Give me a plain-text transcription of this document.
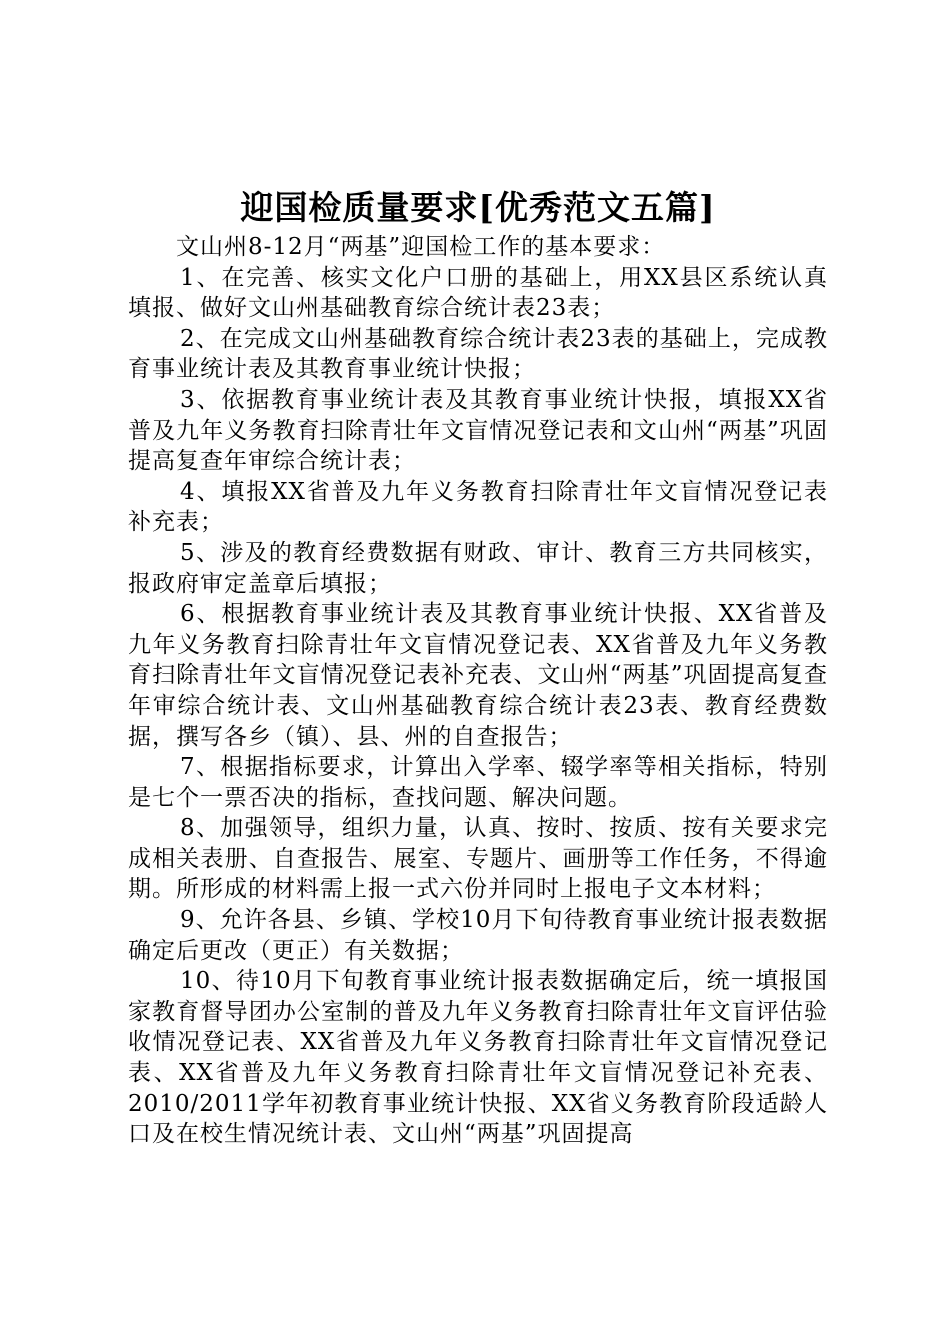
迎国检质量要求[优秀范文五篇]

文山州8-12月“两基”迎国检工作的基本要求：

1、在完善、核实文化户口册的基础上，用XX县区系统认真填报、做好文山州基础教育综合统计表23表；

2、在完成文山州基础教育综合统计表23表的基础上，完成教育事业统计表及其教育事业统计快报；

3、依据教育事业统计表及其教育事业统计快报，填报XX省普及九年义务教育扫除青壮年文盲情况登记表和文山州“两基”巩固提高复查年审综合统计表；

4、填报XX省普及九年义务教育扫除青壮年文盲情况登记表补充表；

5、涉及的教育经费数据有财政、审计、教育三方共同核实，报政府审定盖章后填报；

6、根据教育事业统计表及其教育事业统计快报、XX省普及九年义务教育扫除青壮年文盲情况登记表、XX省普及九年义务教育扫除青壮年文盲情况登记表补充表、文山州“两基”巩固提高复查年审综合统计表、文山州基础教育综合统计表23表、教育经费数据，撰写各乡（镇）、县、州的自查报告；

7、根据指标要求，计算出入学率、辍学率等相关指标，特别是七个一票否决的指标，查找问题、解决问题。

8、加强领导，组织力量，认真、按时、按质、按有关要求完成相关表册、自查报告、展室、专题片、画册等工作任务，不得逾期。所形成的材料需上报一式六份并同时上报电子文本材料；

9、允许各县、乡镇、学校10月下旬待教育事业统计报表数据确定后更改（更正）有关数据；

10、待10月下旬教育事业统计报表数据确定后，统一填报国家教育督导团办公室制的普及九年义务教育扫除青壮年文盲评估验收情况登记表、XX省普及九年义务教育扫除青壮年文盲情况登记表、XX省普及九年义务教育扫除青壮年文盲情况登记补充表、2010/2011学年初教育事业统计快报、XX省义务教育阶段适龄人口及在校生情况统计表、文山州“两基”巩固提高
